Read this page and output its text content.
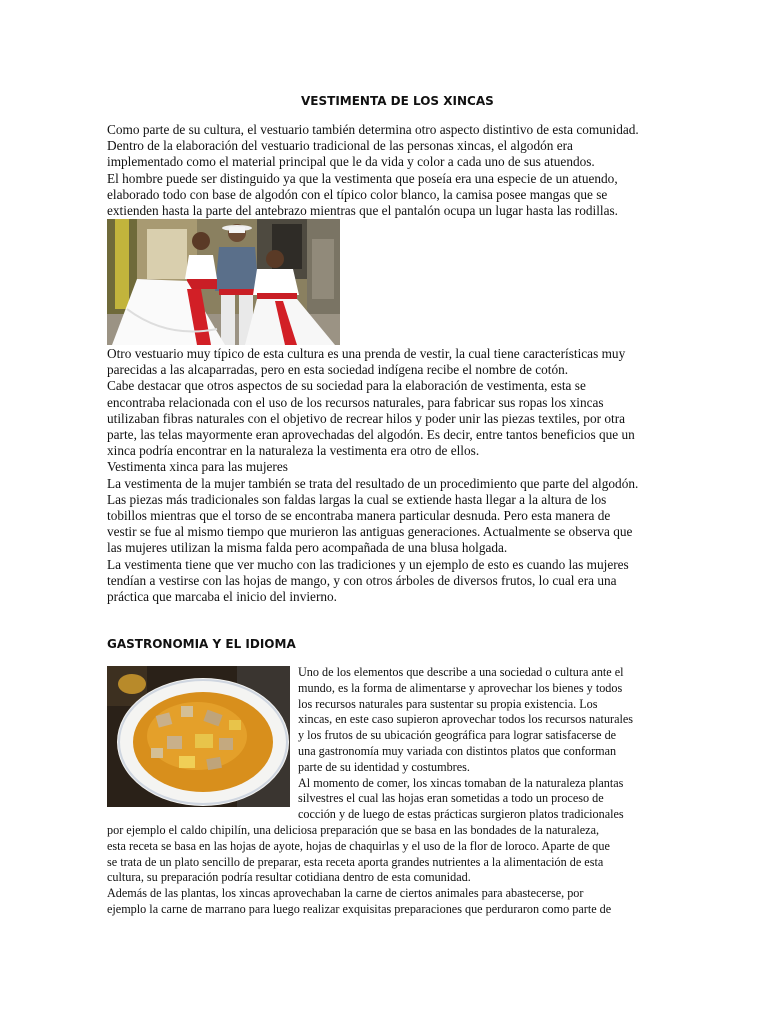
VESTIMENTA DE LOS XINCAS

Como parte de su cultura, el vestuario también determina otro aspecto distintivo de esta comunidad.

Dentro de la elaboración del vestuario tradicional de las personas xincas, el algodón era

implementado como el material principal que le da vida y color a cada uno de sus atuendos.

El hombre puede ser distinguido ya que la vestimenta que poseía era una especie de un atuendo,

elaborado todo con base de algodón con el típico color blanco, la camisa posee mangas que se

extienden hasta la parte del antebrazo mientras que el pantalón ocupa un lugar hasta las rodillas.

Otro vestuario muy típico de esta cultura es una prenda de vestir, la cual tiene características muy

parecidas a las alcaparradas, pero en esta sociedad indígena recibe el nombre de cotón.

Cabe destacar que otros aspectos de su sociedad para la elaboración de vestimenta, esta se

encontraba relacionada con el uso de los recursos naturales, para fabricar sus ropas los xincas

utilizaban fibras naturales con el objetivo de recrear hilos y poder unir las piezas textiles, por otra

parte, las telas mayormente eran aprovechadas del algodón. Es decir, entre tantos beneficios que un

xinca podría encontrar en la naturaleza la vestimenta era otro de ellos.

Vestimenta xinca para las mujeres

La vestimenta de la mujer también se trata del resultado de un procedimiento que parte del algodón.

Las piezas más tradicionales son faldas largas la cual se extiende hasta llegar a la altura de los

tobillos mientras que el torso de se encontraba manera particular desnuda. Pero esta manera de

vestir se fue al mismo tiempo que murieron las antiguas generaciones. Actualmente se observa que

las mujeres utilizan la misma falda pero acompañada de una blusa holgada.

La vestimenta tiene que ver mucho con las tradiciones y un ejemplo de esto es cuando las mujeres

tendían a vestirse con las hojas de mango, y con otros árboles de diversos frutos, lo cual era una

práctica que marcaba el inicio del invierno.

GASTRONOMIA Y EL IDIOMA

Uno de los elementos que describe a una sociedad o cultura ante el

mundo, es la forma de alimentarse y aprovechar los bienes y todos

los recursos naturales para sustentar su propia existencia. Los

xincas, en este caso supieron aprovechar todos los recursos naturales

y los frutos de su ubicación geográfica para lograr satisfacerse de

una gastronomía muy variada con distintos platos que conforman

parte de su identidad y costumbres.

Al momento de comer, los xincas tomaban de la naturaleza plantas

silvestres el cual las hojas eran sometidas a todo un proceso de

cocción y de luego de estas prácticas surgieron platos tradicionales

por ejemplo el caldo chipilín, una deliciosa preparación que se basa en las bondades de la naturaleza,

esta receta se basa en las hojas de ayote, hojas de chaquirlas y el uso de la flor de loroco. Aparte de que

se trata de un plato sencillo de preparar, esta receta aporta grandes nutrientes a la alimentación de esta

cultura, su preparación podría resultar cotidiana dentro de esta comunidad.

Además de las plantas, los xincas aprovechaban la carne de ciertos animales para abastecerse, por

ejemplo la carne de marrano para luego realizar exquisitas preparaciones que perduraron como parte de
